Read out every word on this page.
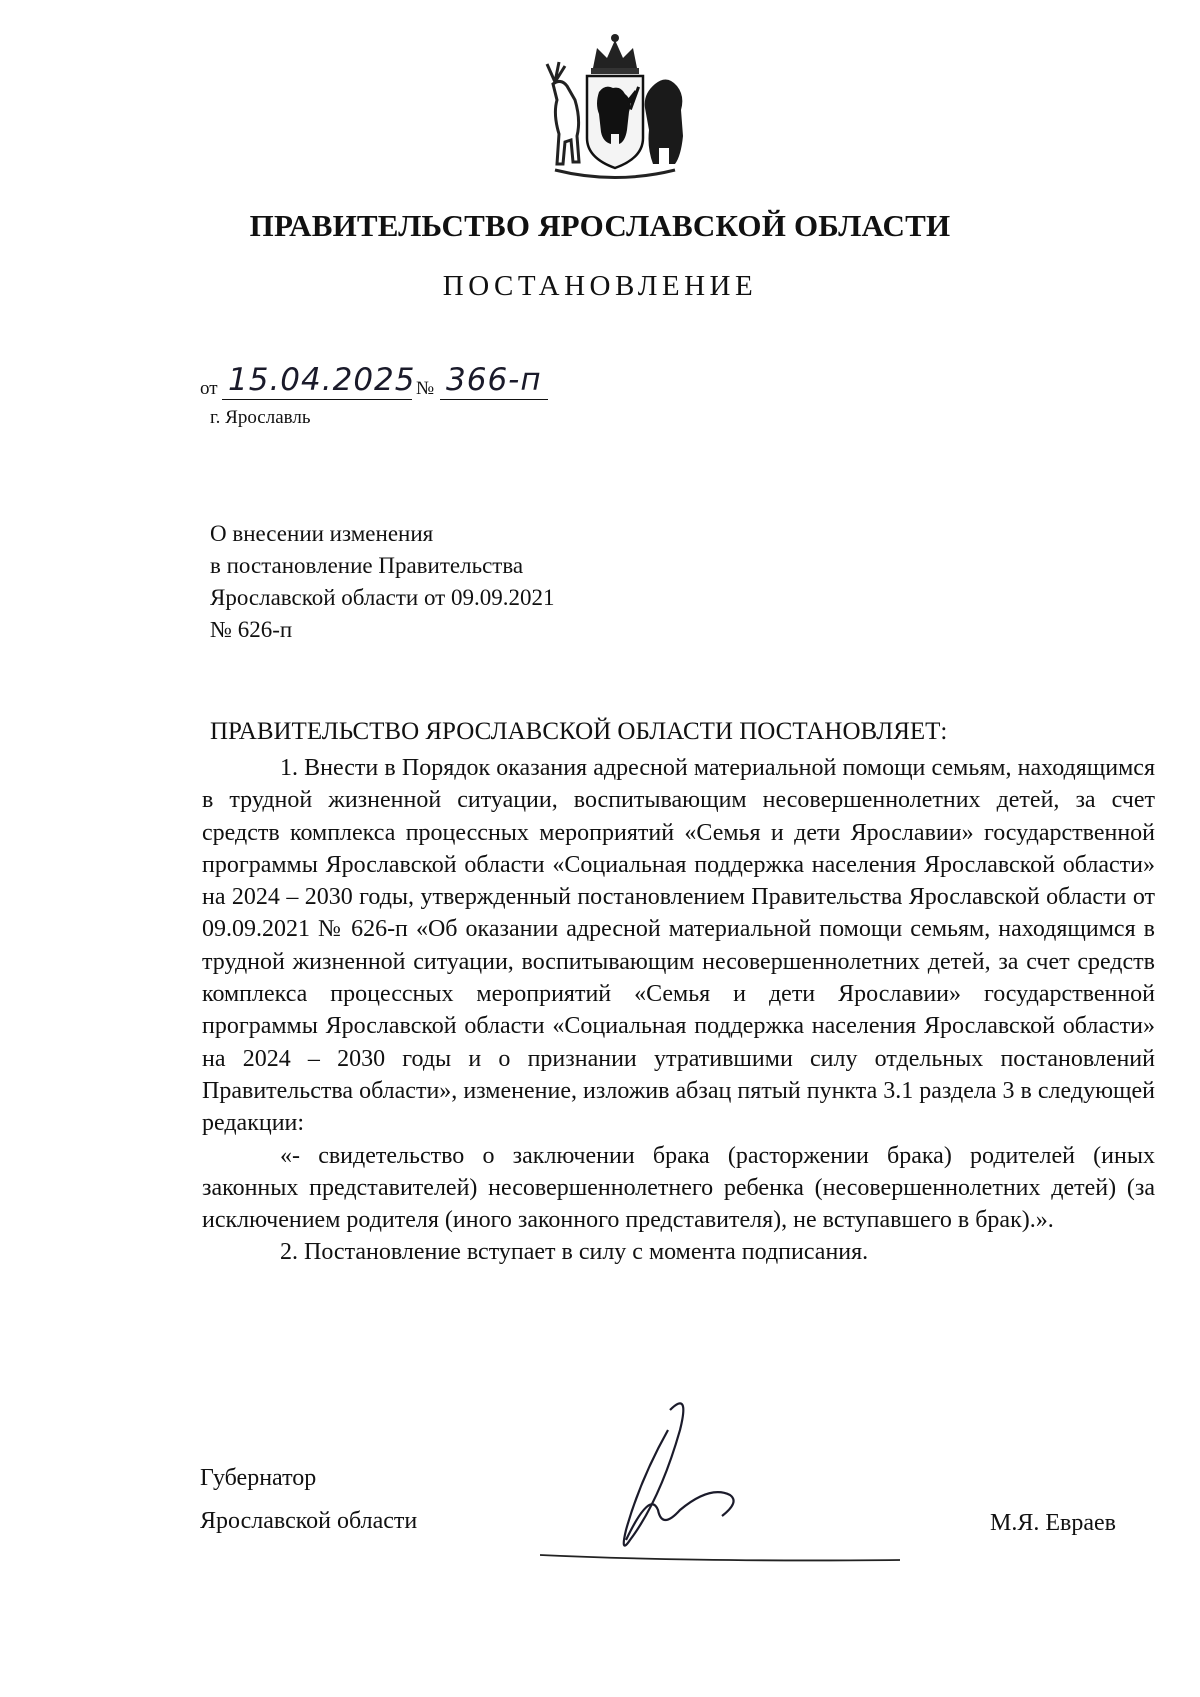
ПРАВИТЕЛЬСТВО ЯРОСЛАВСКОЙ ОБЛАСТИ
ПОСТАНОВЛЕНИЕ
от 15.04.2025 № 366-п
г. Ярославль
О внесении изменения
в постановление Правительства
Ярославской области от 09.09.2021
№ 626-п
ПРАВИТЕЛЬСТВО ЯРОСЛАВСКОЙ ОБЛАСТИ ПОСТАНОВЛЯЕТ:

1. Внести в Порядок оказания адресной материальной помощи семьям, находящимся в трудной жизненной ситуации, воспитывающим несовершеннолетних детей, за счет средств комплекса процессных мероприятий «Семья и дети Ярославии» государственной программы Ярославской области «Социальная поддержка населения Ярославской области» на 2024 – 2030 годы, утвержденный постановлением Правительства Ярославской области от 09.09.2021 № 626-п «Об оказании адресной материальной помощи семьям, находящимся в трудной жизненной ситуации, воспитывающим несовершеннолетних детей, за счет средств комплекса процессных мероприятий «Семья и дети Ярославии» государственной программы Ярославской области «Социальная поддержка населения Ярославской области» на 2024 – 2030 годы и о признании утратившими силу отдельных постановлений Правительства области», изменение, изложив абзац пятый пункта 3.1 раздела 3 в следующей редакции:

«- свидетельство о заключении брака (расторжении брака) родителей (иных законных представителей) несовершеннолетнего ребенка (несовершеннолетних детей) (за исключением родителя (иного законного представителя), не вступавшего в брак).».

2. Постановление вступает в силу с момента подписания.

Губернатор
Ярославской области	М.Я. Евраев
